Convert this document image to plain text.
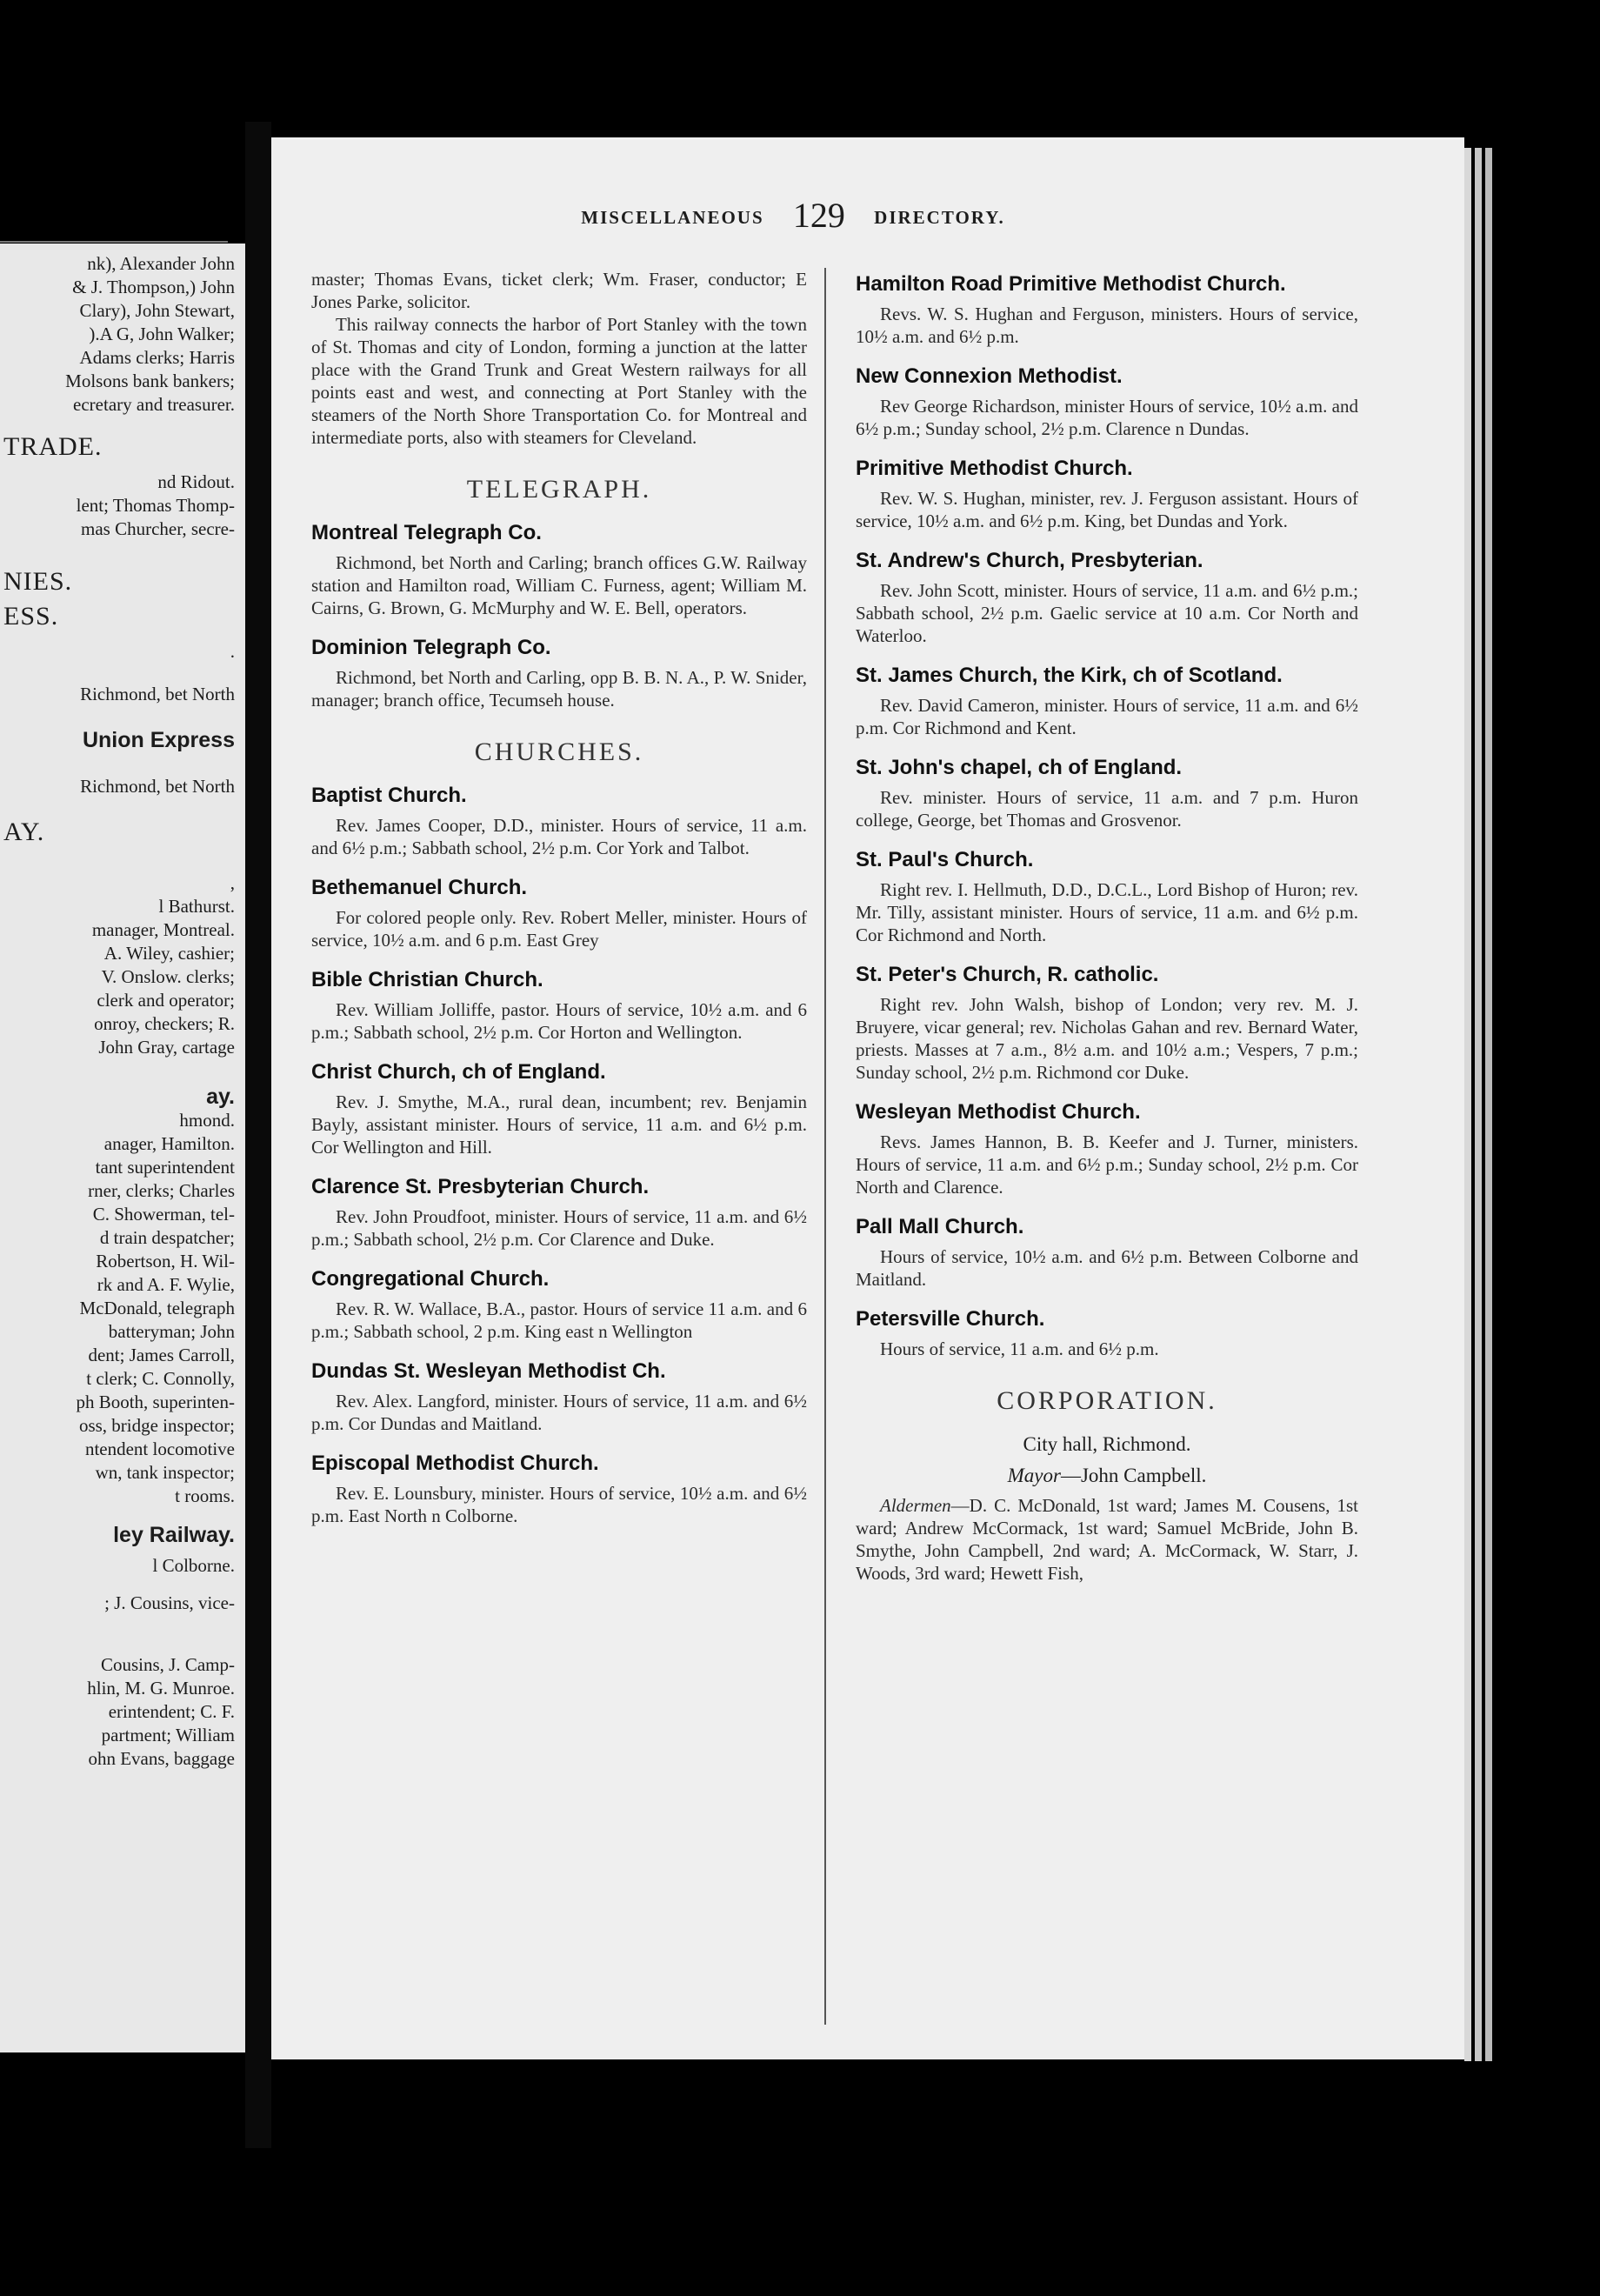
nk), Alexander John
& J. Thompson,) John
Clary), John Stewart,
).A G, John Walker;
Adams clerks; Harris
Molsons bank bankers;
ecretary and treasurer.
TRADE.
nd Ridout.
lent; Thomas Thomp-
mas Churcher, secre-
NIES.
ESS.
.
Richmond, bet North
Union Express
Richmond, bet North
AY.
,
l Bathurst.
manager, Montreal.
A. Wiley, cashier;
V. Onslow. clerks;
clerk and operator;
onroy, checkers; R.
John Gray, cartage
ay.
hmond.
anager, Hamilton.
tant superintendent
rner, clerks; Charles
C. Showerman, tel-
d train despatcher;
Robertson, H. Wil-
rk and A. F. Wylie,
McDonald, telegraph
batteryman; John
dent; James Carroll,
t clerk; C. Connolly,
ph Booth, superinten-
oss, bridge inspector;
ntendent locomotive
wn, tank inspector;
t rooms.
ley Railway.
l Colborne.
; J. Cousins, vice-
Cousins, J. Camp-
hlin, M. G. Munroe.
erintendent; C. F.
partment; William
ohn Evans, baggage
MISCELLANEOUS 129 DIRECTORY.

master; Thomas Evans, ticket clerk; Wm. Fraser, conductor; E Jones Parke, solicitor.

This railway connects the harbor of Port Stanley with the town of St. Thomas and city of London, forming a junction at the latter place with the Grand Trunk and Great Western railways for all points east and west, and connecting at Port Stanley with the steamers of the North Shore Transportation Co. for Montreal and intermediate ports, also with steamers for Cleveland.

TELEGRAPH.
Montreal Telegraph Co.

Richmond, bet North and Carling; branch offices G.W. Railway station and Hamilton road, William C. Furness, agent; William M. Cairns, G. Brown, G. McMurphy and W. E. Bell, operators.

Dominion Telegraph Co.

Richmond, bet North and Carling, opp B. B. N. A., P. W. Snider, manager; branch office, Tecumseh house.

CHURCHES.
Baptist Church.

Rev. James Cooper, D.D., minister. Hours of service, 11 a.m. and 6½ p.m.; Sabbath school, 2½ p.m. Cor York and Talbot.

Bethemanuel Church.

For colored people only. Rev. Robert Meller, minister. Hours of service, 10½ a.m. and 6 p.m. East Grey

Bible Christian Church.

Rev. William Jolliffe, pastor. Hours of service, 10½ a.m. and 6 p.m.; Sabbath school, 2½ p.m. Cor Horton and Wellington.

Christ Church, ch of England.

Rev. J. Smythe, M.A., rural dean, incumbent; rev. Benjamin Bayly, assistant minister. Hours of service, 11 a.m. and 6½ p.m. Cor Wellington and Hill.

Clarence St. Presbyterian Church.

Rev. John Proudfoot, minister. Hours of service, 11 a.m. and 6½ p.m.; Sabbath school, 2½ p.m. Cor Clarence and Duke.

Congregational Church.

Rev. R. W. Wallace, B.A., pastor. Hours of service 11 a.m. and 6 p.m.; Sabbath school, 2 p.m. King east n Wellington

Dundas St. Wesleyan Methodist Ch.

Rev. Alex. Langford, minister. Hours of service, 11 a.m. and 6½ p.m. Cor Dundas and Maitland.

Episcopal Methodist Church.

Rev. E. Lounsbury, minister. Hours of service, 10½ a.m. and 6½ p.m. East North n Colborne.

Hamilton Road Primitive Methodist Church.

Revs. W. S. Hughan and Ferguson, ministers. Hours of service, 10½ a.m. and 6½ p.m.

New Connexion Methodist.

Rev George Richardson, minister Hours of service, 10½ a.m. and 6½ p.m.; Sunday school, 2½ p.m. Clarence n Dundas.

Primitive Methodist Church.

Rev. W. S. Hughan, minister, rev. J. Ferguson assistant. Hours of service, 10½ a.m. and 6½ p.m. King, bet Dundas and York.

St. Andrew's Church, Presbyterian.

Rev. John Scott, minister. Hours of service, 11 a.m. and 6½ p.m.; Sabbath school, 2½ p.m. Gaelic service at 10 a.m. Cor North and Waterloo.

St. James Church, the Kirk, ch of Scotland.

Rev. David Cameron, minister. Hours of service, 11 a.m. and 6½ p.m. Cor Richmond and Kent.

St. John's chapel, ch of England.

Rev. minister. Hours of service, 11 a.m. and 7 p.m. Huron college, George, bet Thomas and Grosvenor.

St. Paul's Church.

Right rev. I. Hellmuth, D.D., D.C.L., Lord Bishop of Huron; rev. Mr. Tilly, assistant minister. Hours of service, 11 a.m. and 6½ p.m. Cor Richmond and North.

St. Peter's Church, R. catholic.

Right rev. John Walsh, bishop of London; very rev. M. J. Bruyere, vicar general; rev. Nicholas Gahan and rev. Bernard Water, priests. Masses at 7 a.m., 8½ a.m. and 10½ a.m.; Vespers, 7 p.m.; Sunday school, 2½ p.m. Richmond cor Duke.

Wesleyan Methodist Church.

Revs. James Hannon, B. B. Keefer and J. Turner, ministers. Hours of service, 11 a.m. and 6½ p.m.; Sunday school, 2½ p.m. Cor North and Clarence.

Pall Mall Church.

Hours of service, 10½ a.m. and 6½ p.m. Between Colborne and Maitland.

Petersville Church.

Hours of service, 11 a.m. and 6½ p.m.

CORPORATION.
City hall, Richmond.
Mayor—John Campbell.

Aldermen—D. C. McDonald, 1st ward; James M. Cousens, 1st ward; Andrew McCormack, 1st ward; Samuel McBride, John B. Smythe, John Campbell, 2nd ward; A. McCormack, W. Starr, J. Woods, 3rd ward; Hewett Fish,
